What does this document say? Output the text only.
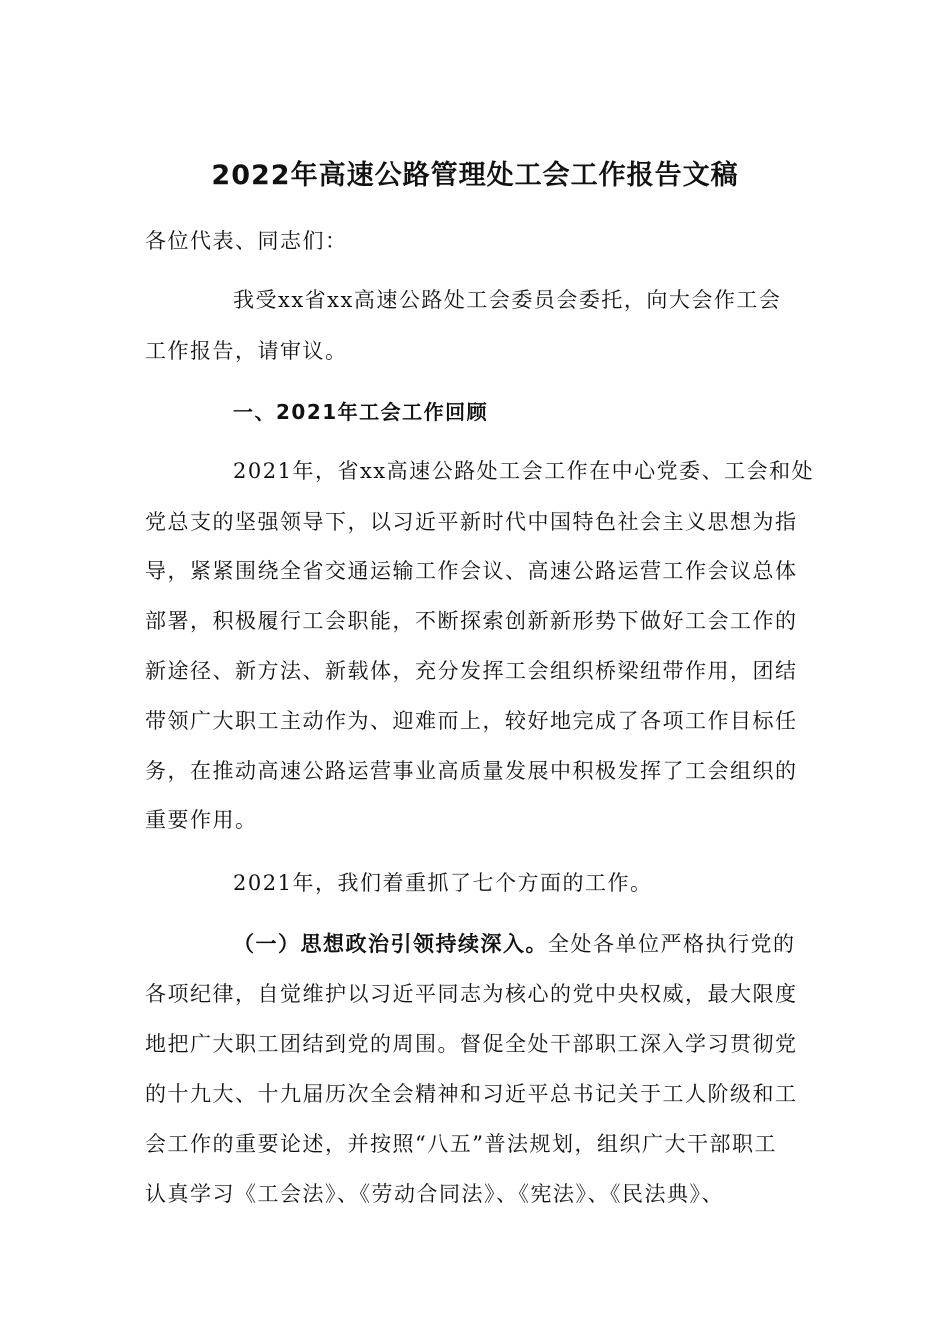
2022年高速公路管理处工会工作报告文稿
各位代表、同志们：
我受xx省xx高速公路处工会委员会委托，向大会作工会
工作报告，请审议。
一、2021年工会工作回顾
2021年，省xx高速公路处工会工作在中心党委、工会和处
党总支的坚强领导下，以习近平新时代中国特色社会主义思想为指
导，紧紧围绕全省交通运输工作会议、高速公路运营工作会议总体
部署，积极履行工会职能，不断探索创新新形势下做好工会工作的
新途径、新方法、新载体，充分发挥工会组织桥梁纽带作用，团结
带领广大职工主动作为、迎难而上，较好地完成了各项工作目标任
务，在推动高速公路运营事业高质量发展中积极发挥了工会组织的
重要作用。
2021年，我们着重抓了七个方面的工作。
（一）思想政治引领持续深入。全处各单位严格执行党的
各项纪律，自觉维护以习近平同志为核心的党中央权威，最大限度
地把广大职工团结到党的周围。督促全处干部职工深入学习贯彻党
的十九大、十九届历次全会精神和习近平总书记关于工人阶级和工
会工作的重要论述，并按照“八五”普法规划，组织广大干部职工
认真学习《工会法》、《劳动合同法》、《宪法》、《民法典》、
